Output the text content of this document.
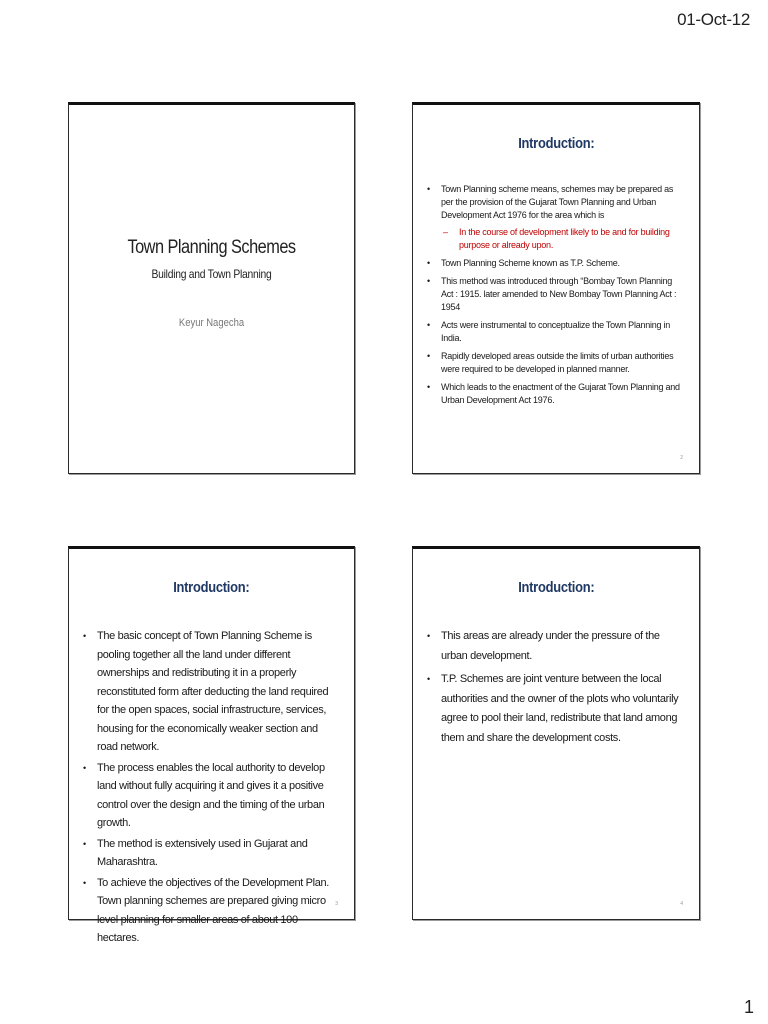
01-Oct-12
Town Planning Schemes
Building and Town Planning
Keyur Nagecha
Introduction:
• Town Planning scheme means, schemes may be prepared as per the provision of the Gujarat Town Planning and Urban Development Act 1976 for the area which is
– In the course of development likely to be and for building purpose or already upon.
• Town Planning Scheme known as T.P. Scheme.
• This method was introduced through “Bombay Town Planning Act : 1915. later amended to New Bombay Town Planning Act : 1954
• Acts were instrumental to conceptualize the Town Planning in India.
• Rapidly developed areas outside the limits of urban authorities were required to be developed in planned manner.
• Which leads to the enactment of the Gujarat Town Planning and Urban Development Act 1976.
2
Introduction:
• The basic concept of Town Planning Scheme is pooling together all the land under different ownerships and redistributing it in a properly reconstituted form after deducting the land required for the open spaces, social infrastructure, services, housing for the economically weaker section and road network.
• The process enables the local authority to develop land without fully acquiring it and gives it a positive control over the design and the timing of the urban growth.
• The method is extensively used in Gujarat and Maharashtra.
• To achieve the objectives of the Development Plan. Town planning schemes are prepared giving micro level planning for smaller areas of about 100 hectares.
3
Introduction:
• This areas are already under the pressure of the urban development.
• T.P. Schemes are joint venture between the local authorities and the owner of the plots who voluntarily agree to pool their land, redistribute that land among them and share the development costs.
4
1
